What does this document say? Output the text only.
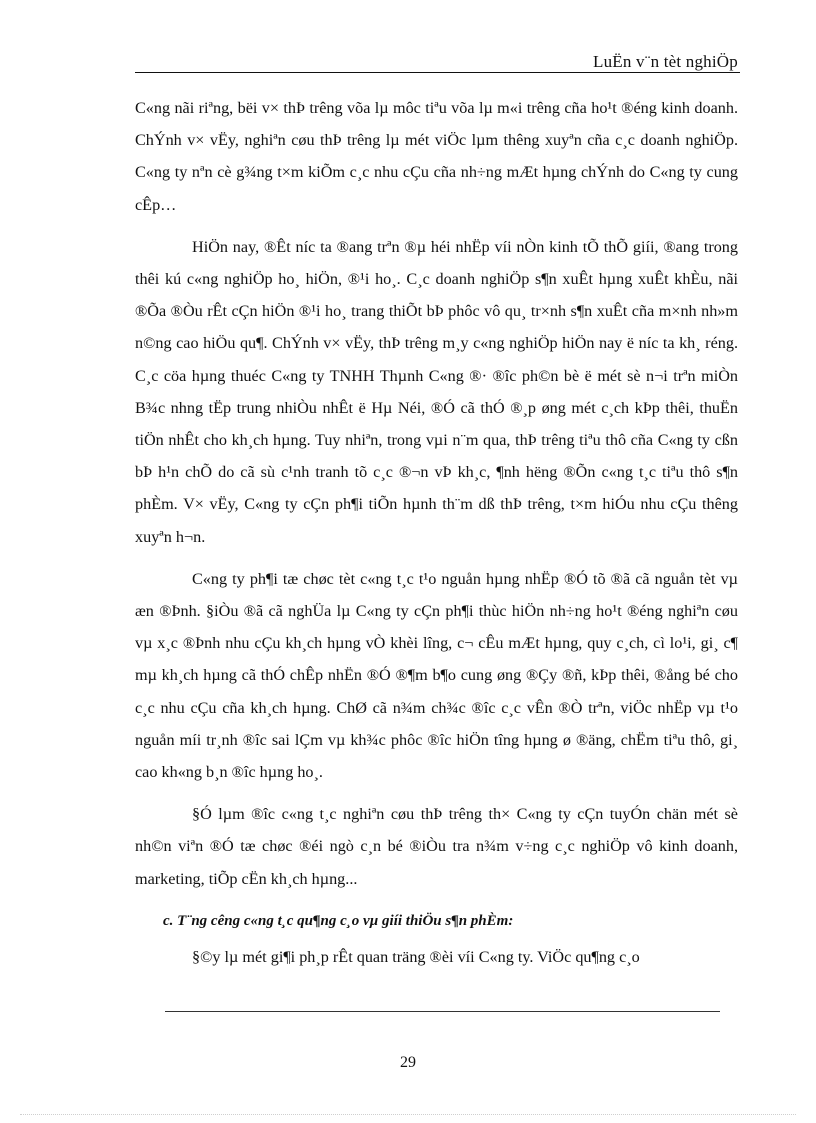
LuËn v¨n tèt nghiÖp

C«ng nãi riªng, bëi v× thÞ trêng võa lµ môc tiªu võa lµ m«i trêng cña ho¹t ®éng kinh doanh. ChÝnh v× vËy, nghiªn cøu thÞ trêng lµ mét viÖc lµm thêng xuyªn cña c¸c doanh nghiÖp. C«ng ty nªn cè g¾ng t×m kiÕm c¸c nhu cÇu cña nh÷ng mÆt hµng chÝnh do C«ng ty cung cÊp…

HiÖn nay, ®Êt níc ta ®ang trªn ®µ héi nhËp víi nÒn kinh tÕ thÕ giíi, ®ang trong thêi kú c«ng nghiÖp ho¸ hiÖn, ®¹i ho¸. C¸c doanh nghiÖp s¶n xuÊt hµng xuÊt khÈu, nãi ®Õa ®Òu rÊt cÇn hiÖn ®¹i ho¸ trang thiÕt bÞ phôc vô qu¸ tr×nh s¶n xuÊt cña m×nh nh»m n©ng cao hiÖu qu¶. ChÝnh v× vËy, thÞ trêng m¸y c«ng nghiÖp hiÖn nay ë níc ta kh¸ réng. C¸c cöa hµng thuéc C«ng ty TNHH Thµnh C«ng ®· ®îc ph©n bè ë mét sè n¬i trªn miÒn B¾c nhng tËp trung nhiÒu nhÊt ë Hµ Néi, ®Ó cã thÓ ®¸p øng mét c¸ch kÞp thêi, thuËn tiÖn nhÊt cho kh¸ch hµng. Tuy nhiªn, trong vµi n¨m qua, thÞ trêng tiªu thô cña C«ng ty cßn bÞ h¹n chÕ do cã sù c¹nh tranh tõ c¸c ®¬n vÞ kh¸c, ¶nh hëng ®Õn c«ng t¸c tiªu thô s¶n phÈm. V× vËy, C«ng ty cÇn ph¶i tiÕn hµnh th¨m dß thÞ trêng, t×m hiÓu nhu cÇu thêng xuyªn h¬n.

C«ng ty ph¶i tæ chøc tèt c«ng t¸c t¹o nguån hµng nhËp ®Ó tõ ®ã cã nguån tèt vµ æn ®Þnh. §iÒu ®ã cã nghÜa lµ C«ng ty cÇn ph¶i thùc hiÖn nh÷ng ho¹t ®éng nghiªn cøu vµ x¸c ®Þnh nhu cÇu kh¸ch hµng vÒ khèi lîng, c¬ cÊu mÆt hµng, quy c¸ch, cì lo¹i, gi¸ c¶ mµ kh¸ch hµng cã thÓ chÊp nhËn ®Ó ®¶m b¶o cung øng ®Çy ®ñ, kÞp thêi, ®ång bé cho c¸c nhu cÇu cña kh¸ch hµng. ChØ cã n¾m ch¾c ®îc c¸c vÊn ®Ò trªn, viÖc nhËp vµ t¹o nguån míi tr¸nh ®îc sai lÇm vµ kh¾c phôc ®îc hiÖn tîng hµng ø ®äng, chËm tiªu thô, gi¸ cao kh«ng b¸n ®îc hµng ho¸.

§Ó lµm ®îc c«ng t¸c nghiªn cøu thÞ trêng th× C«ng ty cÇn tuyÓn chän mét sè nh©n viªn ®Ó tæ chøc ®éi ngò c¸n bé ®iÒu tra n¾m v÷ng c¸c nghiÖp vô kinh doanh, marketing, tiÕp cËn kh¸ch hµng...

c. T¨ng cêng c«ng t¸c qu¶ng c¸o vµ giíi thiÖu s¶n phÈm:

§©y lµ mét gi¶i ph¸p rÊt quan träng ®èi víi C«ng ty. ViÖc qu¶ng c¸o

29
